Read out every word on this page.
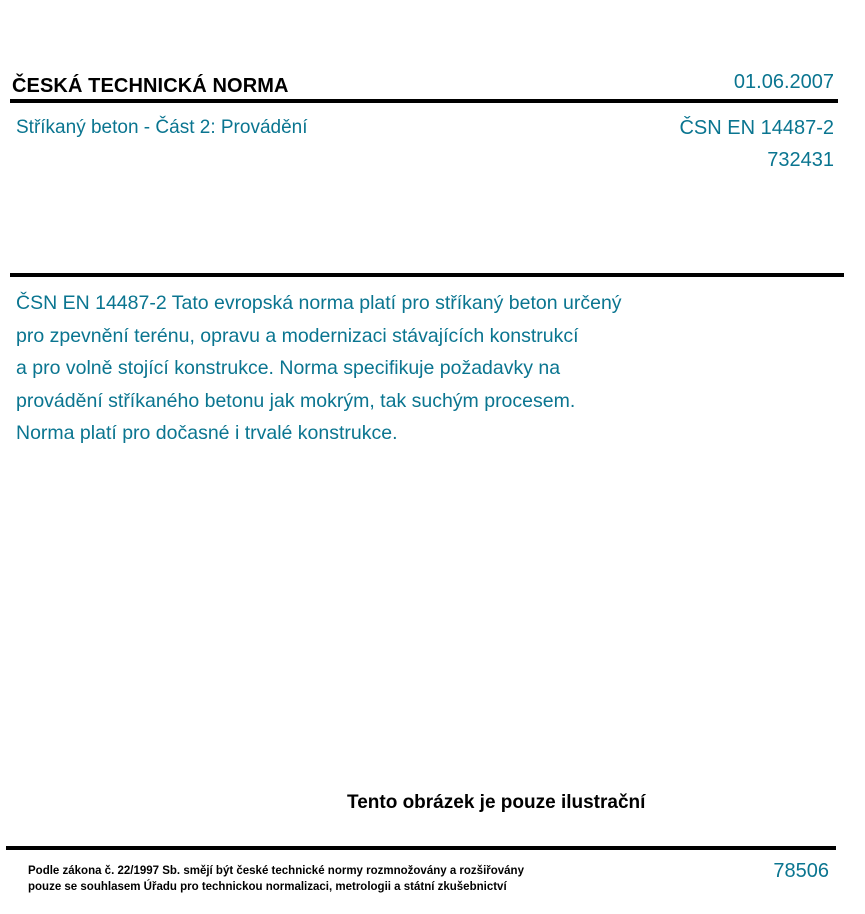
ČESKÁ TECHNICKÁ NORMA	01.06.2007
Stříkaný beton - Část 2: Provádění	ČSN EN 14487-2
732431
ČSN EN 14487-2 Tato evropská norma platí pro stříkaný beton určený
pro zpevnění terénu, opravu a modernizaci stávajících konstrukcí
a pro volně stojící konstrukce. Norma specifikuje požadavky na
provádění stříkaného betonu jak mokrým, tak suchým procesem.
Norma platí pro dočasné i trvalé konstrukce.
Tento obrázek je pouze ilustrační
Podle zákona č. 22/1997 Sb. smějí být české technické normy rozmnožovány a rozšiřovány
pouze se souhlasem Úřadu pro technickou normalizaci, metrologii a státní zkušebnictví
78506
